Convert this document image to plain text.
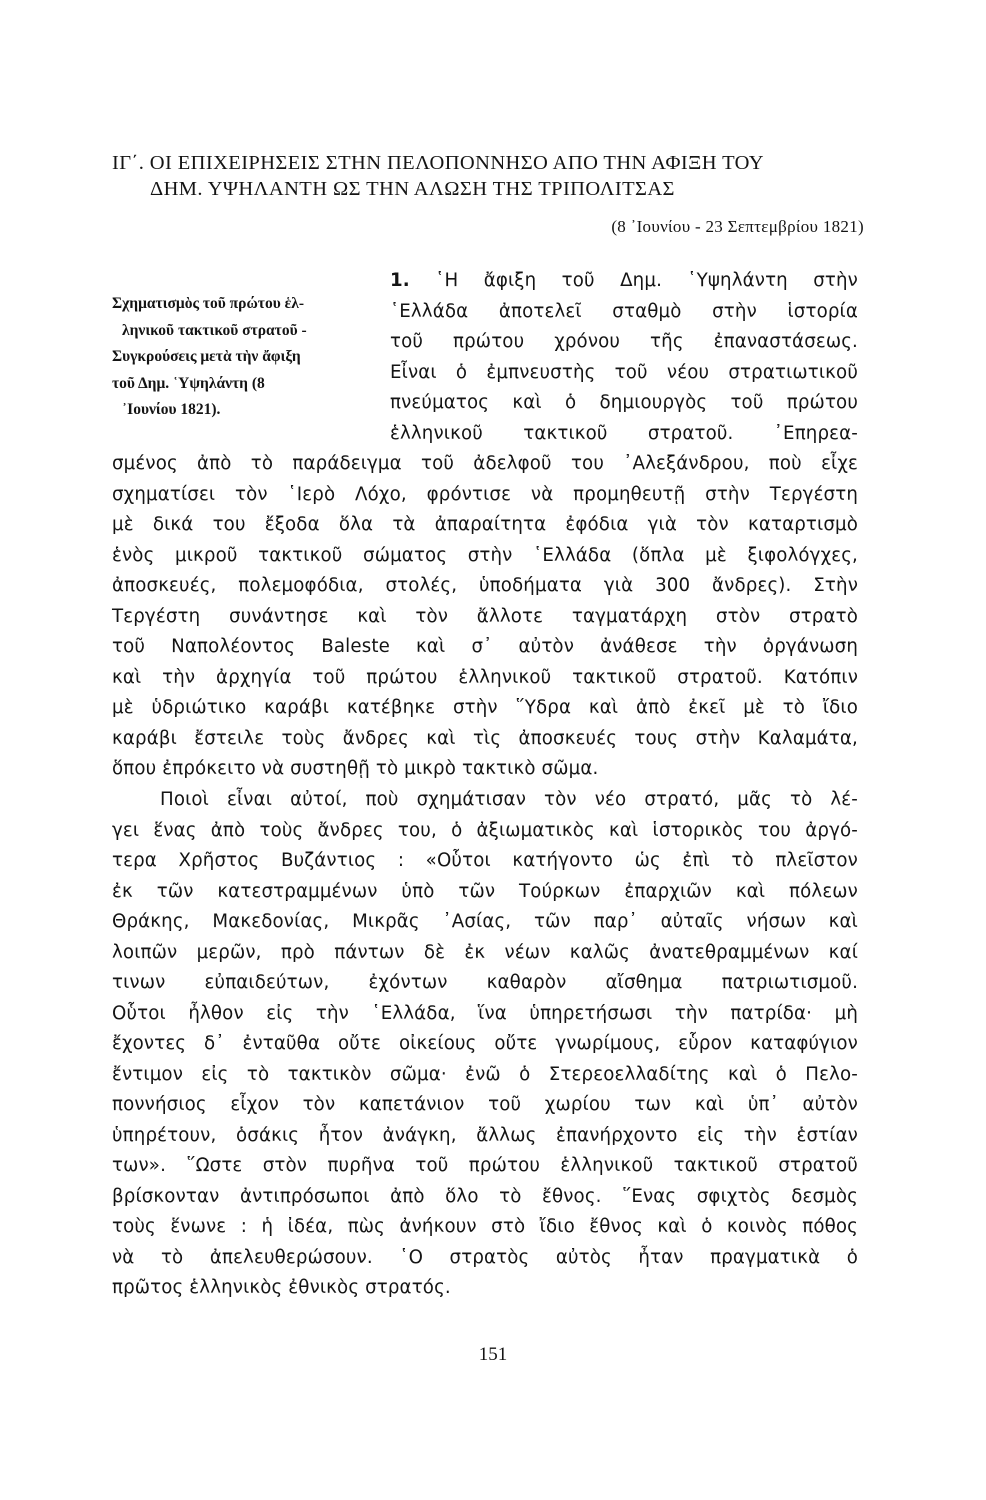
ΙΓ΄. ΟΙ ΕΠΙΧΕΙΡΗΣΕΙΣ ΣΤΗΝ ΠΕΛΟΠΟΝΝΗΣΟ ΑΠΟ ΤΗΝ ΑΦΙΞΗ ΤΟΥ
ΔΗΜ. ΥΨΗΛΑΝΤΗ ΩΣ ΤΗΝ ΑΛΩΣΗ ΤΗΣ ΤΡΙΠΟΛΙΤΣΑΣ
(8 ᾿Ιουνίου - 23 Σεπτεμβρίου 1821)
Σχηματισμὸς τοῦ πρώτου ἑλ-
ληνικοῦ τακτικοῦ στρατοῦ -
Συγκρούσεις μετὰ τὴν ἄφιξη
τοῦ Δημ. ῾Υψηλάντη (8
᾿Ιουνίου 1821).
1. ῾Η ἄφιξη τοῦ Δημ. ῾Υψηλάντη στὴν
῾Ελλάδα ἀποτελεῖ σταθμὸ στὴν ἱστορία
τοῦ πρώτου χρόνου τῆς ἐπαναστάσεως.
Εἶναι ὁ ἐμπνευστὴς τοῦ νέου στρατιωτικοῦ
πνεύματος καὶ ὁ δημιουργὸς τοῦ πρώτου
ἑλληνικοῦ τακτικοῦ στρατοῦ. ᾿Επηρεα-
σμένος ἀπὸ τὸ παράδειγμα τοῦ ἀδελφοῦ του ᾿Αλεξάνδρου, ποὺ εἶχε
σχηματίσει τὸν ῾Ιερὸ Λόχο, φρόντισε νὰ προμηθευτῇ στὴν Τεργέστη
μὲ δικά του ἔξοδα ὅλα τὰ ἀπαραίτητα ἐφόδια γιὰ τὸν καταρτισμὸ
ἑνὸς μικροῦ τακτικοῦ σώματος στὴν ῾Ελλάδα (ὅπλα μὲ ξιφολόγχες,
ἀποσκευές, πολεμοφόδια, στολές, ὑποδήματα γιὰ 300 ἄνδρες). Στὴν
Τεργέστη συνάντησε καὶ τὸν ἄλλοτε ταγματάρχη στὸν στρατὸ
τοῦ Ναπολέοντος Baleste καὶ σ᾿ αὐτὸν ἀνάθεσε τὴν ὀργάνωση
καὶ τὴν ἀρχηγία τοῦ πρώτου ἑλληνικοῦ τακτικοῦ στρατοῦ. Κατόπιν
μὲ ὑδριώτικο καράβι κατέβηκε στὴν ῞Υδρα καὶ ἀπὸ ἐκεῖ μὲ τὸ ἴδιο
καράβι ἔστειλε τοὺς ἄνδρες καὶ τὶς ἀποσκευές τους στὴν Καλαμάτα,
ὅπου ἐπρόκειτο νὰ συστηθῇ τὸ μικρὸ τακτικὸ σῶμα.
Ποιοὶ εἶναι αὐτοί, ποὺ σχημάτισαν τὸν νέο στρατό, μᾶς τὸ λέ-
γει ἕνας ἀπὸ τοὺς ἄνδρες του, ὁ ἀξιωματικὸς καὶ ἱστορικὸς του ἀργό-
τερα Χρῆστος Βυζάντιος : «Οὗτοι κατήγοντο ὡς ἐπὶ τὸ πλεῖστον
ἐκ τῶν κατεστραμμένων ὑπὸ τῶν Τούρκων ἐπαρχιῶν καὶ πόλεων
Θράκης, Μακεδονίας, Μικρᾶς ᾿Ασίας, τῶν παρ᾿ αὐταῖς νήσων καὶ
λοιπῶν μερῶν, πρὸ πάντων δὲ ἐκ νέων καλῶς ἀνατεθραμμένων καί
τινων εὐπαιδεύτων, ἐχόντων καθαρὸν αἴσθημα πατριωτισμοῦ.
Οὗτοι ἦλθον εἰς τὴν ῾Ελλάδα, ἵνα ὑπηρετήσωσι τὴν πατρίδα· μὴ
ἔχοντες δ᾿ ἐνταῦθα οὔτε οἰκείους οὔτε γνωρίμους, εὗρον καταφύγιον
ἔντιμον εἰς τὸ τακτικὸν σῶμα· ἐνῶ ὁ Στερεοελλαδίτης καὶ ὁ Πελο-
ποννήσιος εἶχον τὸν καπετάνιον τοῦ χωρίου των καὶ ὑπ᾿ αὐτὸν
ὑπηρέτουν, ὁσάκις ἦτον ἀνάγκη, ἄλλως ἐπανήρχοντο εἰς τὴν ἑστίαν
των». ῞Ωστε στὸν πυρῆνα τοῦ πρώτου ἑλληνικοῦ τακτικοῦ στρατοῦ
βρίσκονταν ἀντιπρόσωποι ἀπὸ ὅλο τὸ ἔθνος. ῞Ενας σφιχτὸς δεσμὸς
τοὺς ἕνωνε : ἡ ἰδέα, πὼς ἀνήκουν στὸ ἴδιο ἔθνος καὶ ὁ κοινὸς πόθος
νὰ τὸ ἀπελευθερώσουν. ῾Ο στρατὸς αὐτὸς ἦταν πραγματικὰ ὁ
πρῶτος ἑλληνικὸς ἐθνικὸς στρατός.
151
